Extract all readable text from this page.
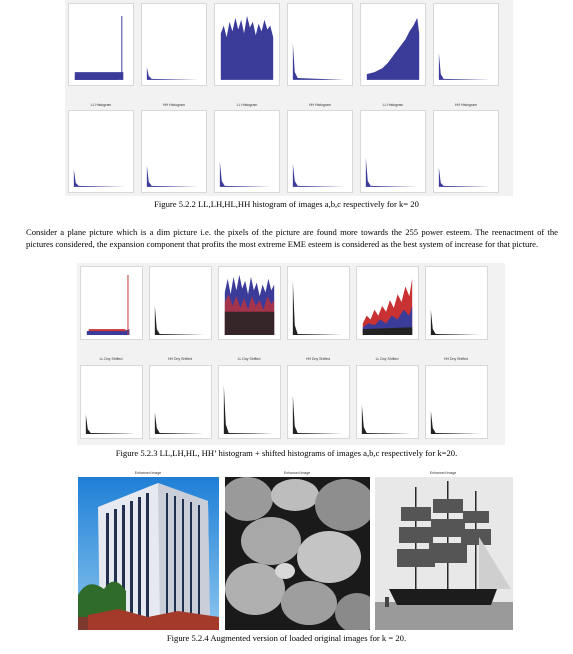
LL Histogram	HH Histogram	LL Histogram	HH Histogram	LL Histogram	HH Histogram
Figure 5.2.2 LL,LH,HL,HH histogram of images a,b,c respectively for k= 20

Consider a plane picture which is a dim picture i.e. the pixels of the picture are found more towards the 255 power esteem. The reenactment of the pictures considered, the expansion component that profits the most extreme EME esteem is considered as the best system of increase for that picture.

LL Dny Shifted	HH Dny Shifted	LL Dny Shifted	HH Dny Shifted	LL Dny Shifted	HH Dny Shifted
Figure 5.2.3 LL,LH,HL, HH’ histogram + shifted histograms of images a,b,c respectively for k=20.
Enhanced Image	Enhanced Image	Enhanced Image
Figure 5.2.4 Augmented version of loaded original images for k = 20.
